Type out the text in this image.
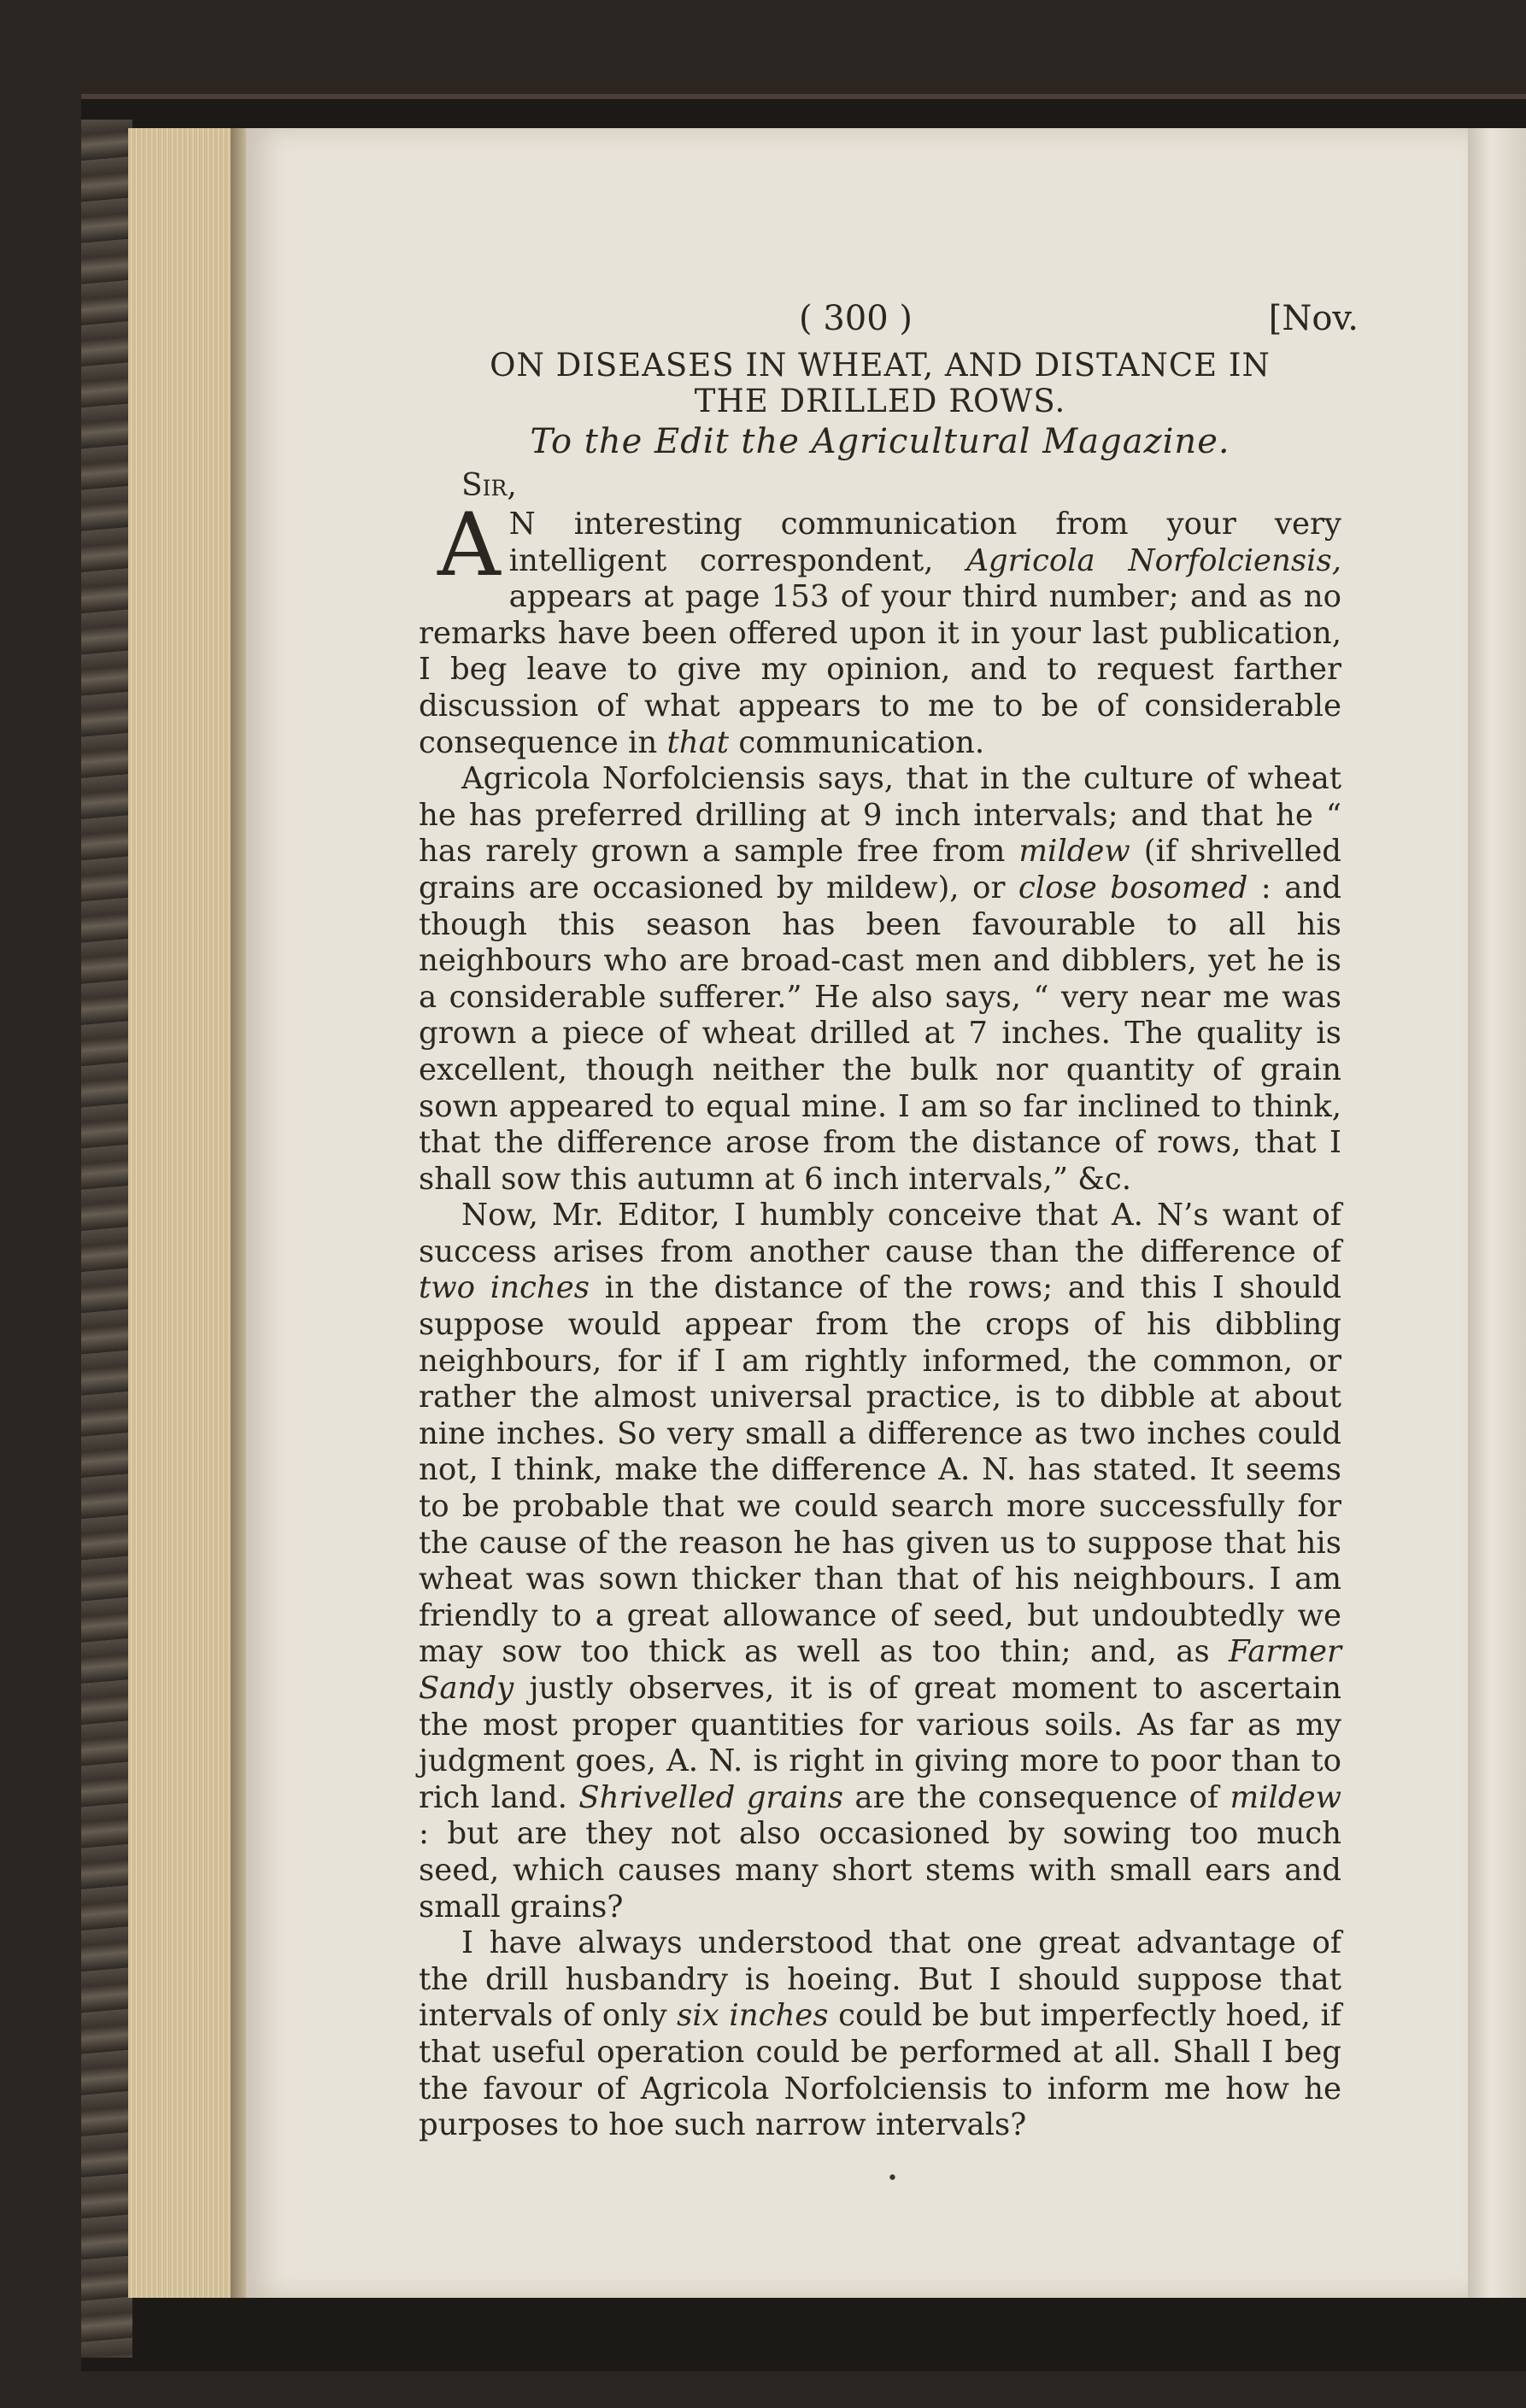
( 300 )	[Nov.
ON DISEASES IN WHEAT, AND DISTANCE IN
THE DRILLED ROWS.
To the Edit the Agricultural Magazine.
Sir,

A N interesting communication from your very intelligent correspondent, Agricola Norfolciensis, appears at page 153 of your third number; and as no remarks have been offered upon it in your last publication, I beg leave to give my opinion, and to request farther discussion of what appears to me to be of considerable consequence in that communication.

Agricola Norfolciensis says, that in the culture of wheat he has preferred drilling at 9 inch intervals; and that he “ has rarely grown a sample free from mildew (if shrivelled grains are occasioned by mildew), or close bosomed : and though this season has been favourable to all his neighbours who are broad-cast men and dibblers, yet he is a considerable sufferer.” He also says, “ very near me was grown a piece of wheat drilled at 7 inches. The quality is excellent, though neither the bulk nor quantity of grain sown appeared to equal mine. I am so far inclined to think, that the difference arose from the distance of rows, that I shall sow this autumn at 6 inch intervals,” &c.

Now, Mr. Editor, I humbly conceive that A. N’s want of success arises from another cause than the difference of two inches in the distance of the rows; and this I should suppose would appear from the crops of his dibbling neighbours, for if I am rightly informed, the common, or rather the almost universal practice, is to dibble at about nine inches. So very small a difference as two inches could not, I think, make the difference A. N. has stated. It seems to be probable that we could search more successfully for the cause of the reason he has given us to suppose that his wheat was sown thicker than that of his neighbours. I am friendly to a great allowance of seed, but undoubtedly we may sow too thick as well as too thin; and, as Farmer Sandy justly observes, it is of great moment to ascertain the most proper quantities for various soils. As far as my judgment goes, A. N. is right in giving more to poor than to rich land. Shrivelled grains are the consequence of mildew : but are they not also occasioned by sowing too much seed, which causes many short stems with small ears and small grains?

I have always understood that one great advantage of the drill husbandry is hoeing. But I should suppose that intervals of only six inches could be but imperfectly hoed, if that useful operation could be performed at all. Shall I beg the favour of Agricola Norfolciensis to inform me how he purposes to hoe such narrow intervals?

•
